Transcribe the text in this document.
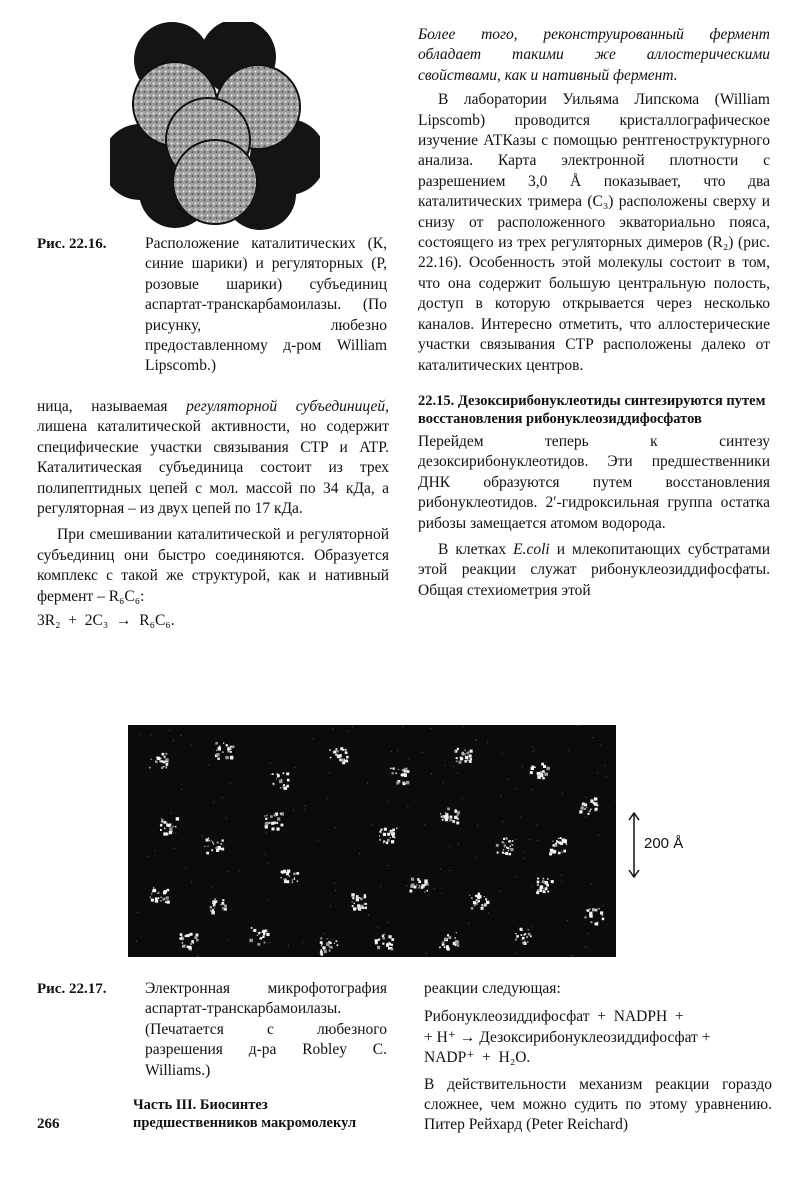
Рис. 22.16. Расположение каталитических (К, синие шарики) и регуляторных (Р, розовые шарики) субъединиц аспартат-транскарбамоилазы. (По рисунку, любезно предоставленному д-ром William Lipscomb.)

ница, называемая регуляторной субъединицей, лишена каталитической активности, но содержит специфические участки связывания CTP и ATP. Каталитическая субъединица состоит из трех полипептидных цепей с мол. массой по 34 кДа, а регуляторная – из двух цепей по 17 кДа.

При смешивании каталитической и регуляторной субъединиц они быстро соединяются. Образуется комплекс с такой же структурой, как и нативный фермент – R₆C₆:

3R₂  +  2C₃  →  R₆C₆.

Более того, реконструированный фермент обладает такими же аллостерическими свойствами, как и нативный фермент.

В лаборатории Уильяма Липскома (William Lipscomb) проводится кристаллографическое изучение АТКазы с помощью рентгеноструктурного анализа. Карта электронной плотности с разрешением 3,0 Å показывает, что два каталитических тримера (C₃) расположены сверху и снизу от расположенного экваториально пояса, состоящего из трех регуляторных димеров (R₂) (рис. 22.16). Особенность этой молекулы состоит в том, что она содержит большую центральную полость, доступ в которую открывается через несколько каналов. Интересно отметить, что аллостерические участки связывания CTP расположены далеко от каталитических центров.

22.15. Дезоксирибонуклеотиды синтезируются путем восстановления рибонуклеозиддифосфатов

Перейдем теперь к синтезу дезоксирибонуклеотидов. Эти предшественники ДНК образуются путем восстановления рибонуклеотидов. 2′-гидроксильная группа остатка рибозы замещается атомом водорода.

В клетках E.coli и млекопитающих субстратами этой реакции служат рибонуклеозиддифосфаты. Общая стехиометрия этой

200 Å
Рис. 22.17. Электронная микрофотография аспартат-транскарбамоилазы. (Печатается с любезного разрешения д-ра Robley C. Williams.)

реакции следующая:

Рибонуклеозиддифосфат  +  NADPH  +

+ H⁺ → Дезоксирибонуклеозиддифосфат +

NADP⁺  +  H₂O.

В действительности механизм реакции гораздо сложнее, чем можно судить по этому уравнению. Питер Рейхард (Peter Reichard)

266
Часть III. Биосинтез
предшественников макромолекул
